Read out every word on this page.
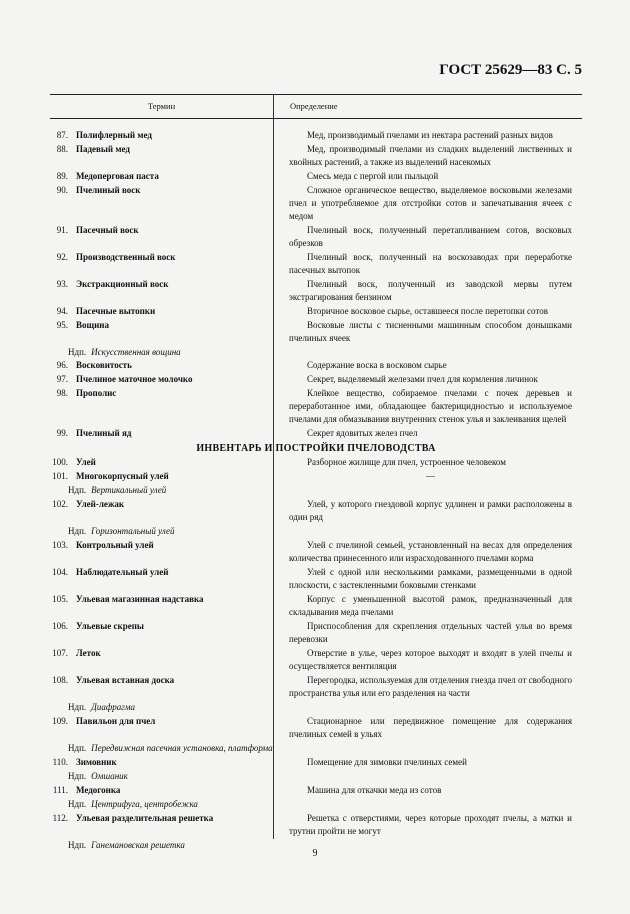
ГОСТ 25629—83 С. 5
Термин	Определение
87. Полифлерный мед	Мед, производимый пчелами из нектара растений разных видов
88. Падевый мед	Мед, производимый пчелами из сладких выделений лиственных и хвойных растений, а также из выделений насекомых
89. Медоперговая паста	Смесь меда с пергой или пыльцой
90. Пчелиный воск	Сложное органическое вещество, выделяемое восковыми железами пчел и употребляемое для отстройки сотов и запечатывания ячеек с медом
91. Пасечный воск	Пчелиный воск, полученный перетапливанием сотов, восковых обрезков
92. Производственный воск	Пчелиный воск, полученный на воскозаводах при переработке пасечных вытопок
93. Экстракционный воск	Пчелиный воск, полученный из заводской мервы путем экстрагирования бензином
94. Пасечные вытопки	Вторичное восковое сырье, оставшееся после перетопки сотов
95. Вощина	Восковые листы с тисненными машинным способом донышками пчелиных ячеек
Ндп. Искусственная вощина
96. Восковитость	Содержание воска в восковом сырье
97. Пчелиное маточное молочко	Секрет, выделяемый железами пчел для кормления личинок
98. Прополис	Клейкое вещество, собираемое пчелами с почек деревьев и переработанное ими, обладающее бактерицидностью и используемое пчелами для обмазывания внутренних стенок улья и заклеивания щелей
99. Пчелиный яд	Секрет ядовитых желез пчел
ИНВЕНТАРЬ И ПОСТРОЙКИ ПЧЕЛОВОДСТВА
100. Улей	Разборное жилище для пчел, устроенное человеком
101. Многокорпусный улей	—
Ндп. Вертикальный улей
102. Улей-лежак	Улей, у которого гнездовой корпус удлинен и рамки расположены в один ряд
Ндп. Горизонтальный улей
103. Контрольный улей	Улей с пчелиной семьей, установленный на весах для определения количества принесенного или израсходованного пчелами корма
104. Наблюдательный улей	Улей с одной или несколькими рамками, размещенными в одной плоскости, с застекленными боковыми стенками
105. Ульевая магазинная надставка	Корпус с уменьшенной высотой рамок, предназначенный для складывания меда пчелами
106. Ульевые скрепы	Приспособления для скрепления отдельных частей улья во время перевозки
107. Леток	Отверстие в улье, через которое выходят и входят в улей пчелы и осуществляется вентиляция
108. Ульевая вставная доска	Перегородка, используемая для отделения гнезда пчел от свободного пространства улья или его разделения на части
Ндп. Диафрагма
109. Павильон для пчел	Стационарное или передвижное помещение для содержания пчелиных семей в ульях
Ндп. Передвижная пасечная установка, платформа
110. Зимовник	Помещение для зимовки пчелиных семей
Ндп. Омшаник
111. Медогонка	Машина для откачки меда из сотов
Ндп. Центрифуга, центробежка
112. Ульевая разделительная решетка	Решетка с отверстиями, через которые проходят пчелы, а матки и трутни пройти не могут
Ндп. Ганемановская решетка
9
